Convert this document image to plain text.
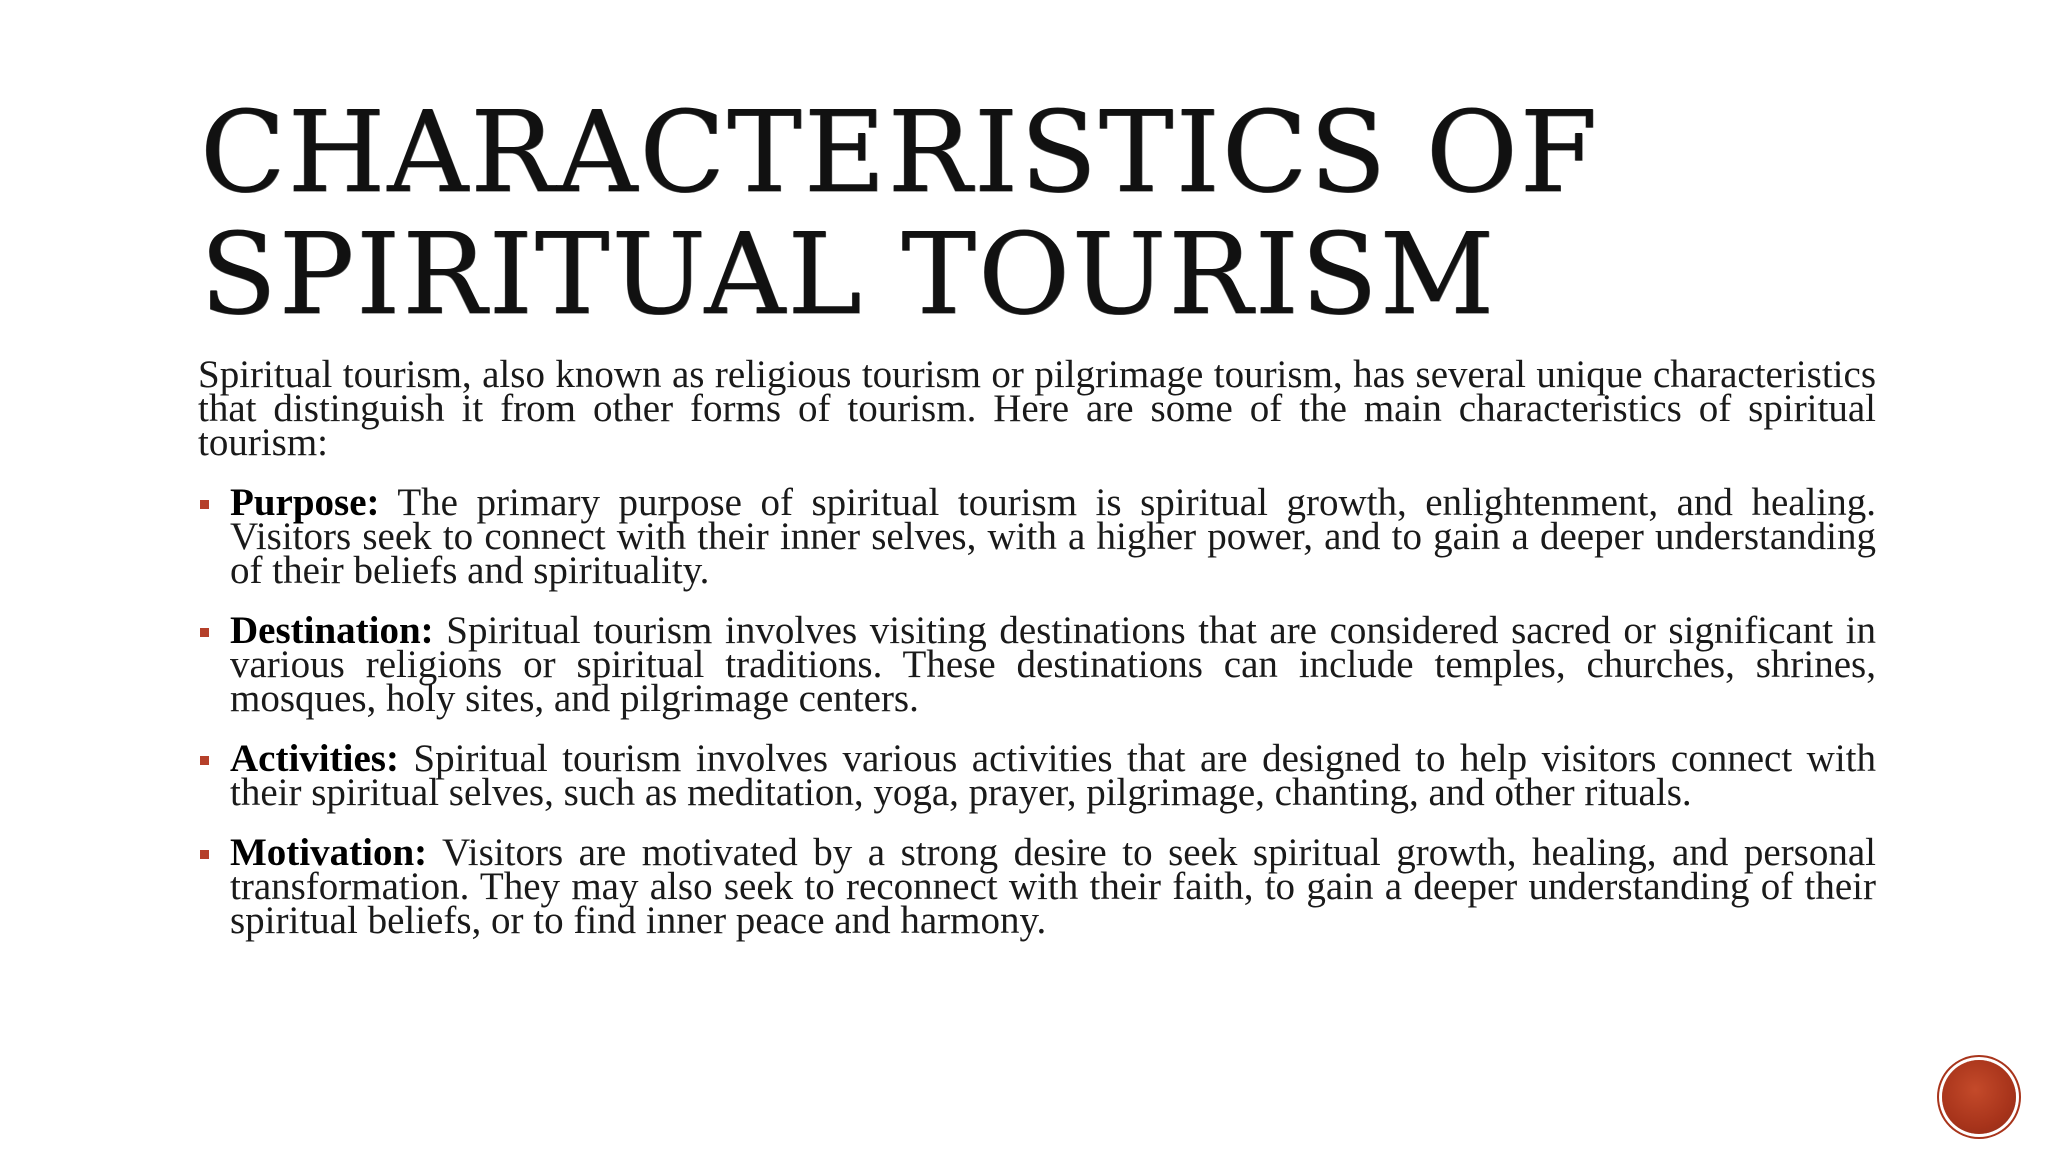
CHARACTERISTICS OF
SPIRITUAL TOURISM

Spiritual tourism, also known as religious tourism or pilgrimage tourism, has several unique characteristics that distinguish it from other forms of tourism. Here are some of the main characteristics of spiritual tourism:

Purpose: The primary purpose of spiritual tourism is spiritual growth, enlightenment, and healing. Visitors seek to connect with their inner selves, with a higher power, and to gain a deeper understanding of their beliefs and spirituality.
Destination: Spiritual tourism involves visiting destinations that are considered sacred or significant in various religions or spiritual traditions. These destinations can include temples, churches, shrines, mosques, holy sites, and pilgrimage centers.
Activities: Spiritual tourism involves various activities that are designed to help visitors connect with their spiritual selves, such as meditation, yoga, prayer, pilgrimage, chanting, and other rituals.
Motivation: Visitors are motivated by a strong desire to seek spiritual growth, healing, and personal transformation. They may also seek to reconnect with their faith, to gain a deeper understanding of their spiritual beliefs, or to find inner peace and harmony.
